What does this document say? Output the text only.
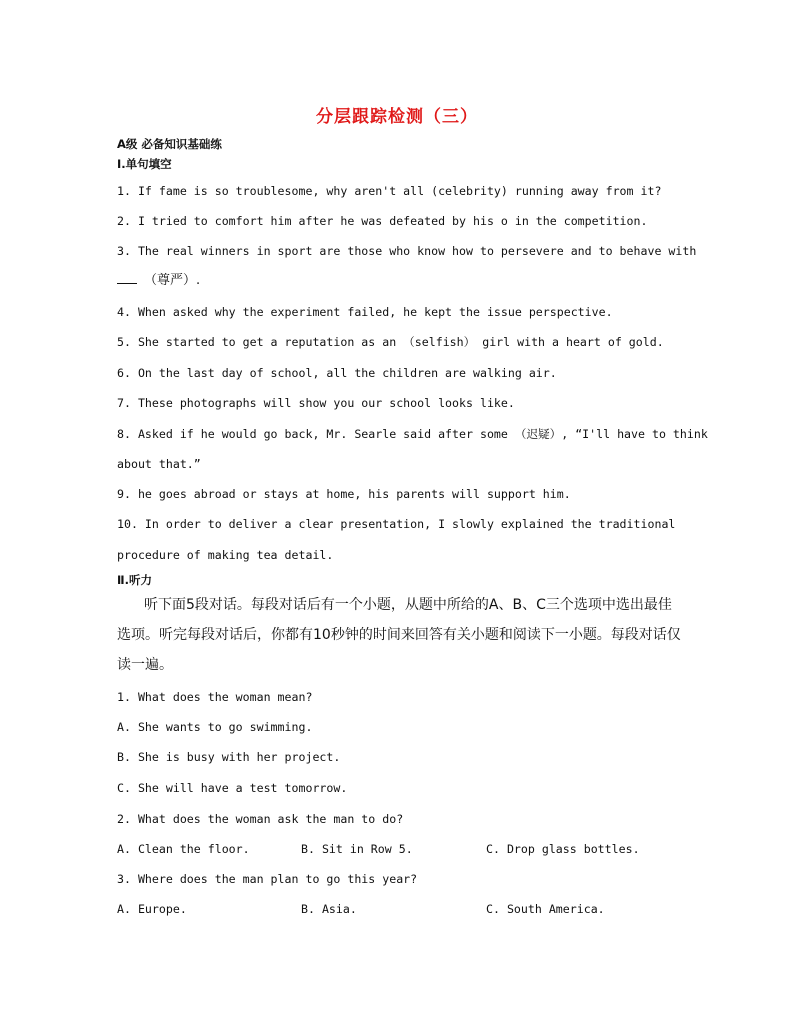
分层跟踪检测（三）
A级 必备知识基础练
Ⅰ.单句填空
1. If fame is so troublesome, why aren't all (celebrity) running away from it?
2. I tried to comfort him after he was defeated by his o in the competition.
3. The real winners in sport are those who know how to persevere and to behave with
（尊严）.
4. When asked why the experiment failed, he kept the issue perspective.
5. She started to get a reputation as an （selfish） girl with a heart of gold.
6. On the last day of school, all the children are walking air.
7. These photographs will show you our school looks like.
8. Asked if he would go back, Mr. Searle said after some （迟疑）, “I'll have to think
about that.”
9. he goes abroad or stays at home, his parents will support him.
10. In order to deliver a clear presentation, I slowly explained the traditional
procedure of making tea detail.
Ⅱ.听力
听下面5段对话。每段对话后有一个小题，从题中所给的A、B、C三个选项中选出最佳选项。听完每段对话后，你都有10秒钟的时间来回答有关小题和阅读下一小题。每段对话仅读一遍。
1. What does the woman mean?
A. She wants to go swimming.
B. She is busy with her project.
C. She will have a test tomorrow.
2. What does the woman ask the man to do?
A. Clean the floor.	B. Sit in Row 5.	C. Drop glass bottles.
3. Where does the man plan to go this year?
A. Europe.	B. Asia.	C. South America.
